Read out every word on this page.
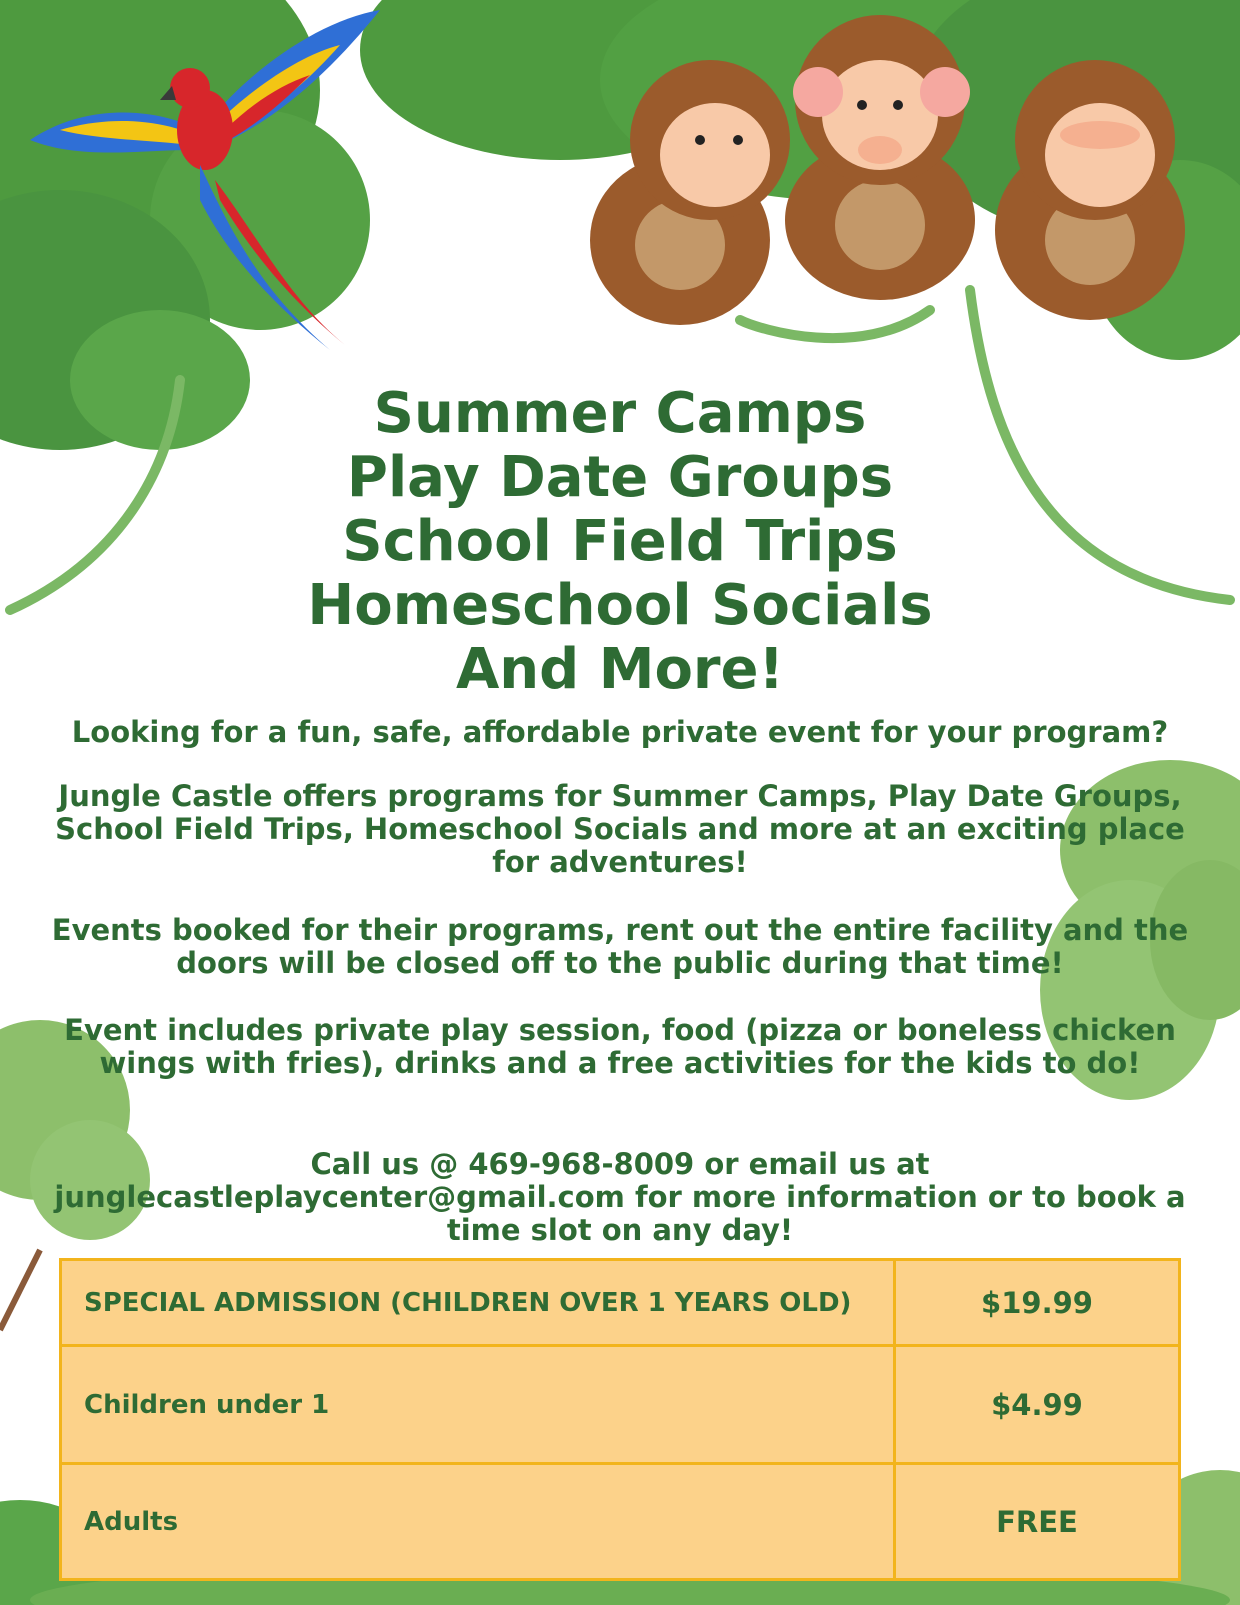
Summer Camps
Play Date Groups
School Field Trips
Homeschool Socials
And More!
Looking for a fun, safe, affordable private event for your program?
Jungle Castle offers programs for Summer Camps, Play Date Groups, School Field Trips, Homeschool Socials and more at an exciting place for adventures!
Events booked for their programs, rent out the entire facility and the doors will be closed off to the public during that time!
Event includes private play session, food (pizza or boneless chicken wings with fries), drinks and a free activities for the kids to do!
Call us @ 469-968-8009 or email us at junglecastleplaycenter@gmail.com for more information or to book a time slot on any day!
SPECIAL ADMISSION (CHILDREN OVER 1 YEARS OLD)	$19.99
Children under 1	$4.99
Adults	FREE
